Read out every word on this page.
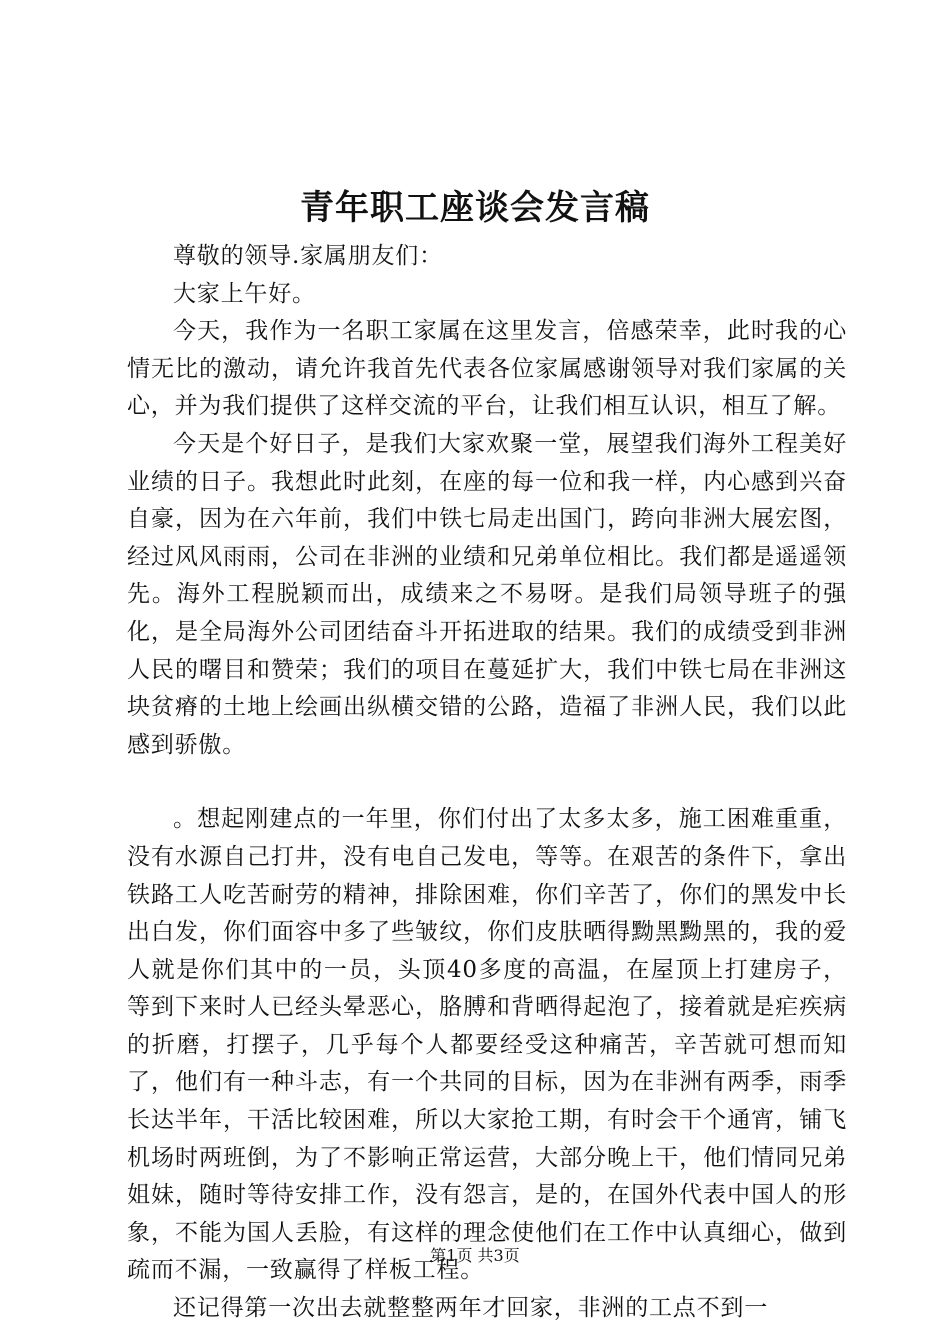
青年职工座谈会发言稿

尊敬的领导.家属朋友们：

大家上午好。

今天，我作为一名职工家属在这里发言，倍感荣幸，此时我的心情无比的激动，请允许我首先代表各位家属感谢领导对我们家属的关心，并为我们提供了这样交流的平台，让我们相互认识，相互了解。

今天是个好日子，是我们大家欢聚一堂，展望我们海外工程美好业绩的日子。我想此时此刻，在座的每一位和我一样，内心感到兴奋自豪，因为在六年前，我们中铁七局走出国门，跨向非洲大展宏图，经过风风雨雨，公司在非洲的业绩和兄弟单位相比。我们都是遥遥领先。海外工程脱颖而出，成绩来之不易呀。是我们局领导班子的强化，是全局海外公司团结奋斗开拓进取的结果。我们的成绩受到非洲人民的曙目和赞荣；我们的项目在蔓延扩大，我们中铁七局在非洲这块贫瘠的土地上绘画出纵横交错的公路，造福了非洲人民，我们以此感到骄傲。

。想起刚建点的一年里，你们付出了太多太多，施工困难重重，没有水源自己打井，没有电自己发电，等等。在艰苦的条件下，拿出铁路工人吃苦耐劳的精神，排除困难，你们辛苦了，你们的黑发中长出白发，你们面容中多了些皱纹，你们皮肤晒得黝黑黝黑的，我的爱人就是你们其中的一员，头顶40多度的高温，在屋顶上打建房子，等到下来时人已经头晕恶心，胳膊和背晒得起泡了，接着就是疟疾病的折磨，打摆子，几乎每个人都要经受这种痛苦，辛苦就可想而知了，他们有一种斗志，有一个共同的目标，因为在非洲有两季，雨季长达半年，干活比较困难，所以大家抢工期，有时会干个通宵，铺飞机场时两班倒，为了不影响正常运营，大部分晚上干，他们情同兄弟姐妹，随时等待安排工作，没有怨言，是的，在国外代表中国人的形象，不能为国人丢脸，有这样的理念使他们在工作中认真细心，做到疏而不漏，一致赢得了样板工程。

还记得第一次出去就整整两年才回家，非洲的工点不到一

第1页 共3页
